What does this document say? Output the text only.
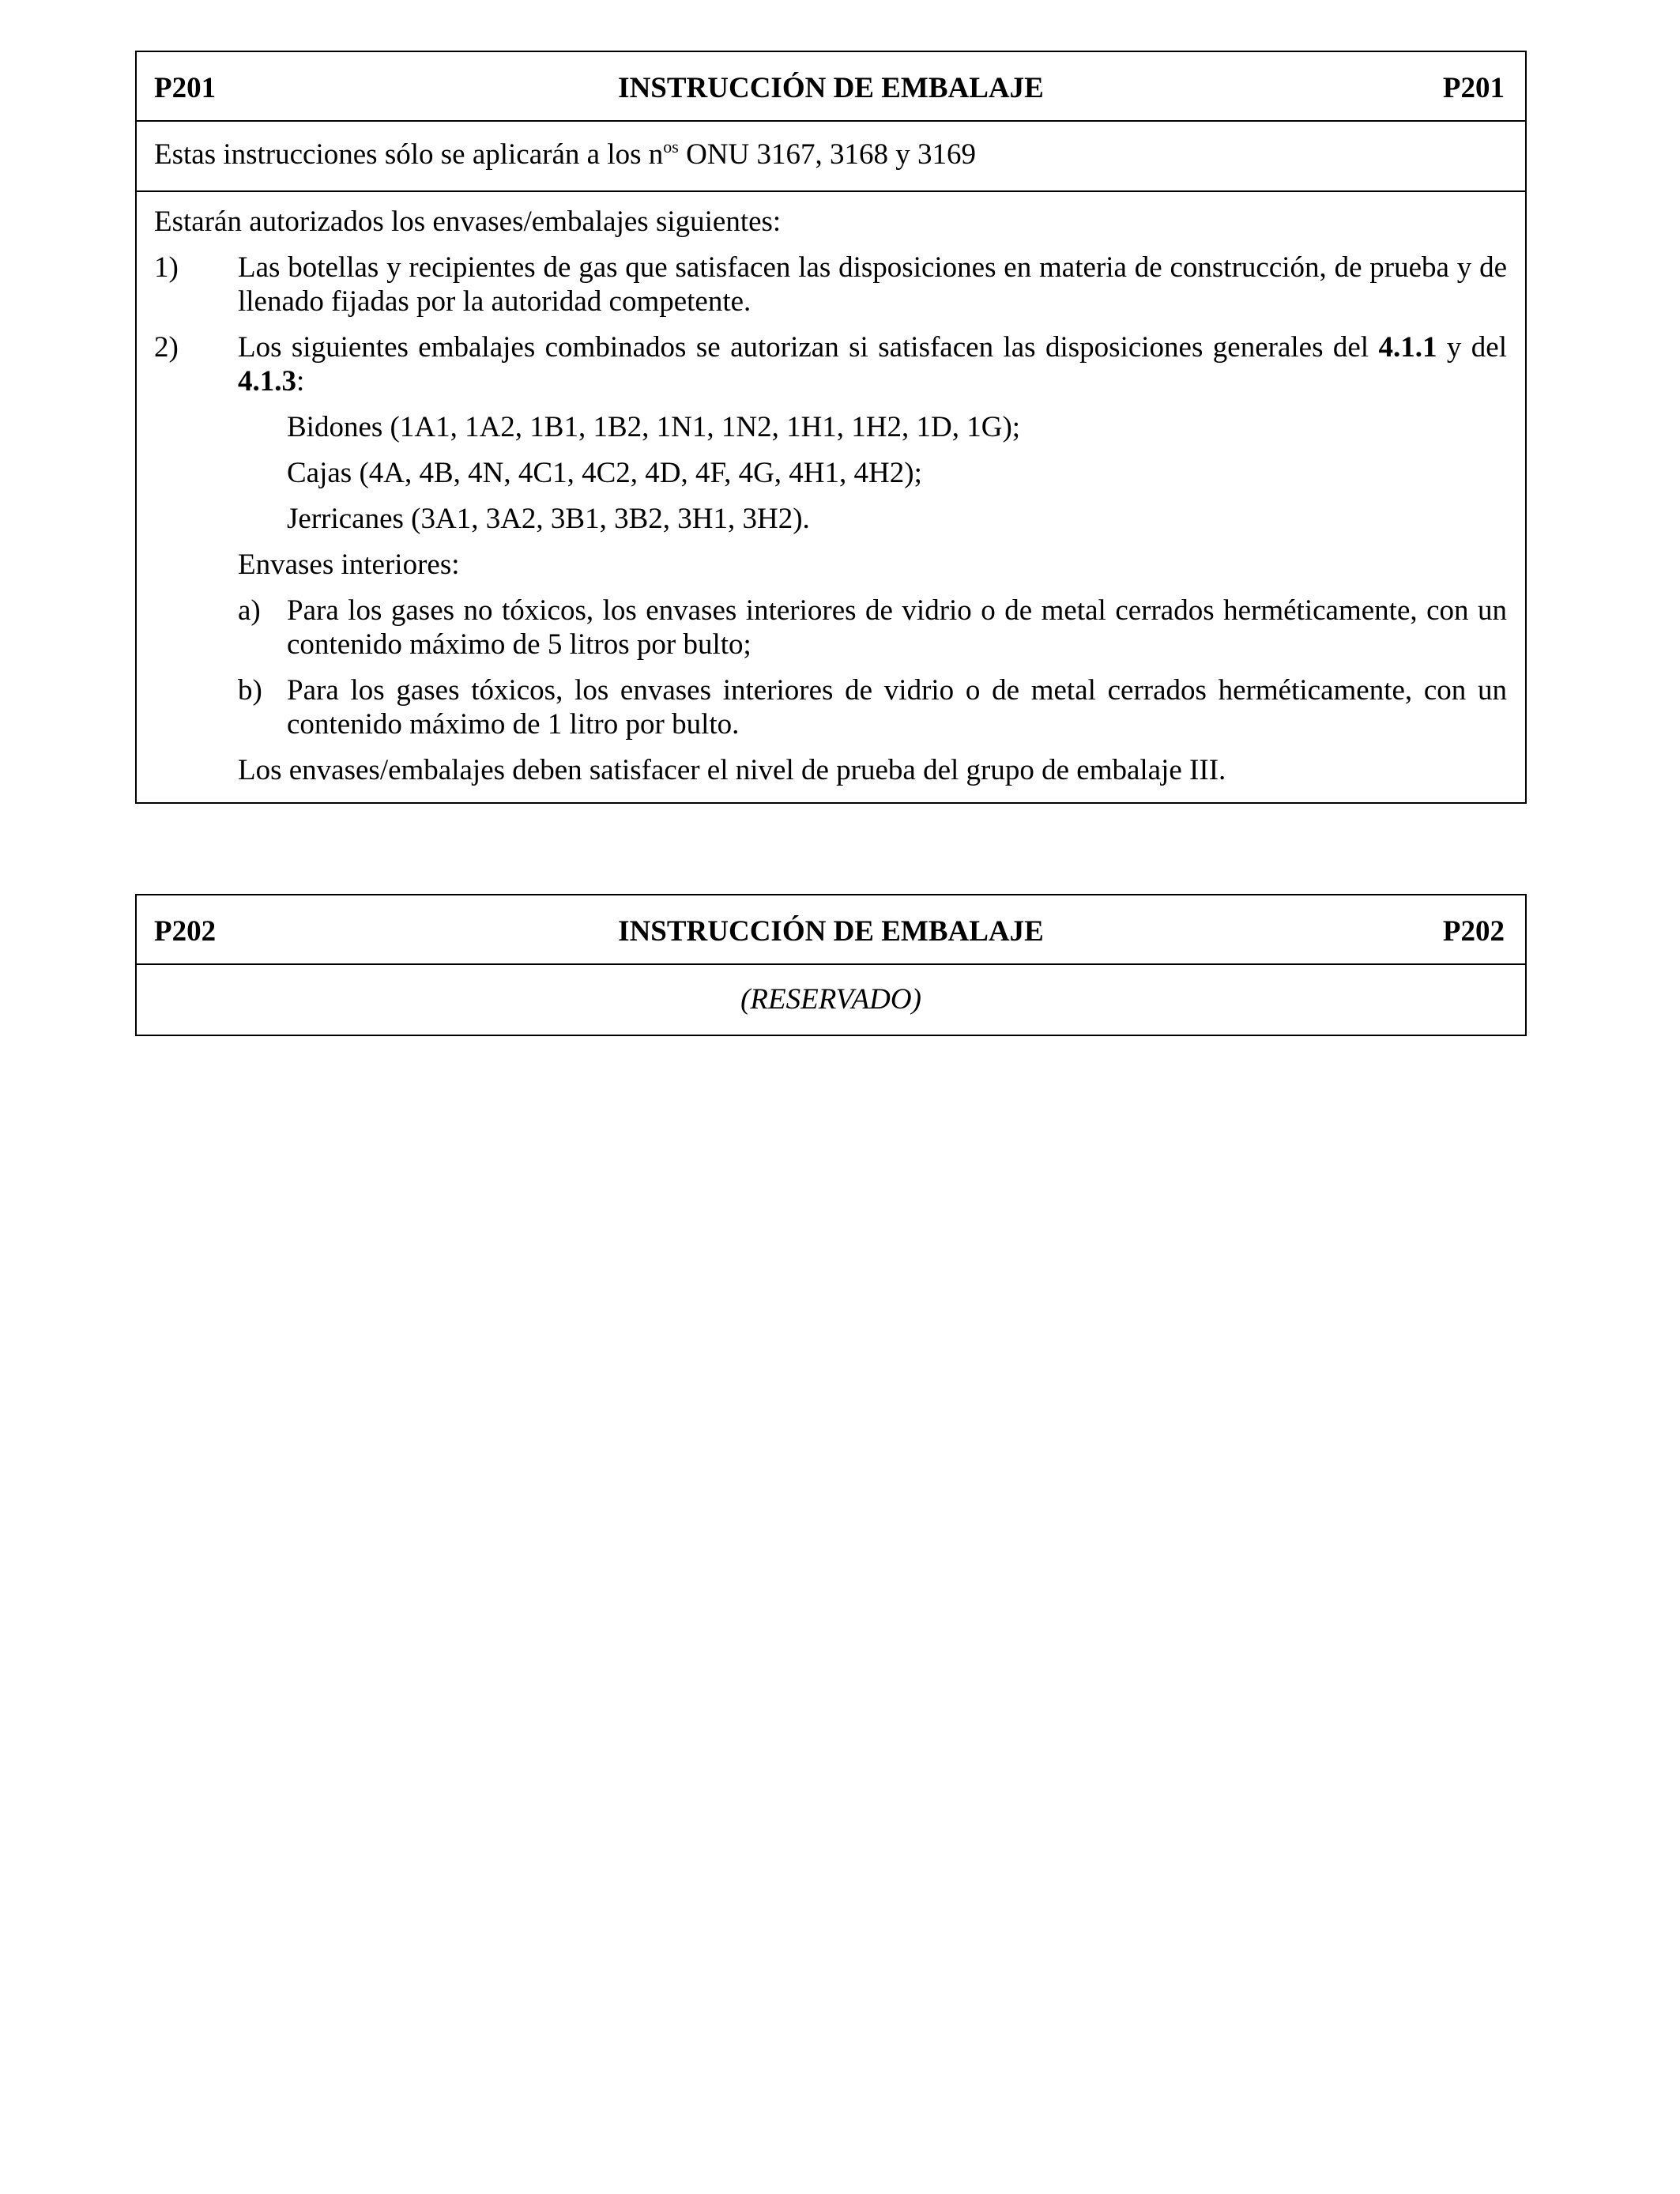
P201	INSTRUCCIÓN DE EMBALAJE	P201
Estas instrucciones sólo se aplicarán a los $n^{os}$ ONU 3167, 3168 y 3169

Estarán autorizados los envases/embalajes siguientes:

1)	Las botellas y recipientes de gas que satisfacen las disposiciones en materia de construcción, de prueba y de llenado fijadas por la autoridad competente.
2)	Los siguientes embalajes combinados se autorizan si satisfacen las disposiciones generales del 4.1.1 y del 4.1.3:

Bidones (1A1, 1A2, 1B1, 1B2, 1N1, 1N2, 1H1, 1H2, 1D, 1G);

Cajas (4A, 4B, 4N, 4C1, 4C2, 4D, 4F, 4G, 4H1, 4H2);

Jerricanes (3A1, 3A2, 3B1, 3B2, 3H1, 3H2).

Envases interiores:

a) Para los gases no tóxicos, los envases interiores de vidrio o de metal cerrados herméticamente, con un contenido máximo de 5 litros por bulto;
b) Para los gases tóxicos, los envases interiores de vidrio o de metal cerrados herméticamente, con un contenido máximo de 1 litro por bulto.

Los envases/embalajes deben satisfacer el nivel de prueba del grupo de embalaje III.

P202	INSTRUCCIÓN DE EMBALAJE	P202
(RESERVADO)
